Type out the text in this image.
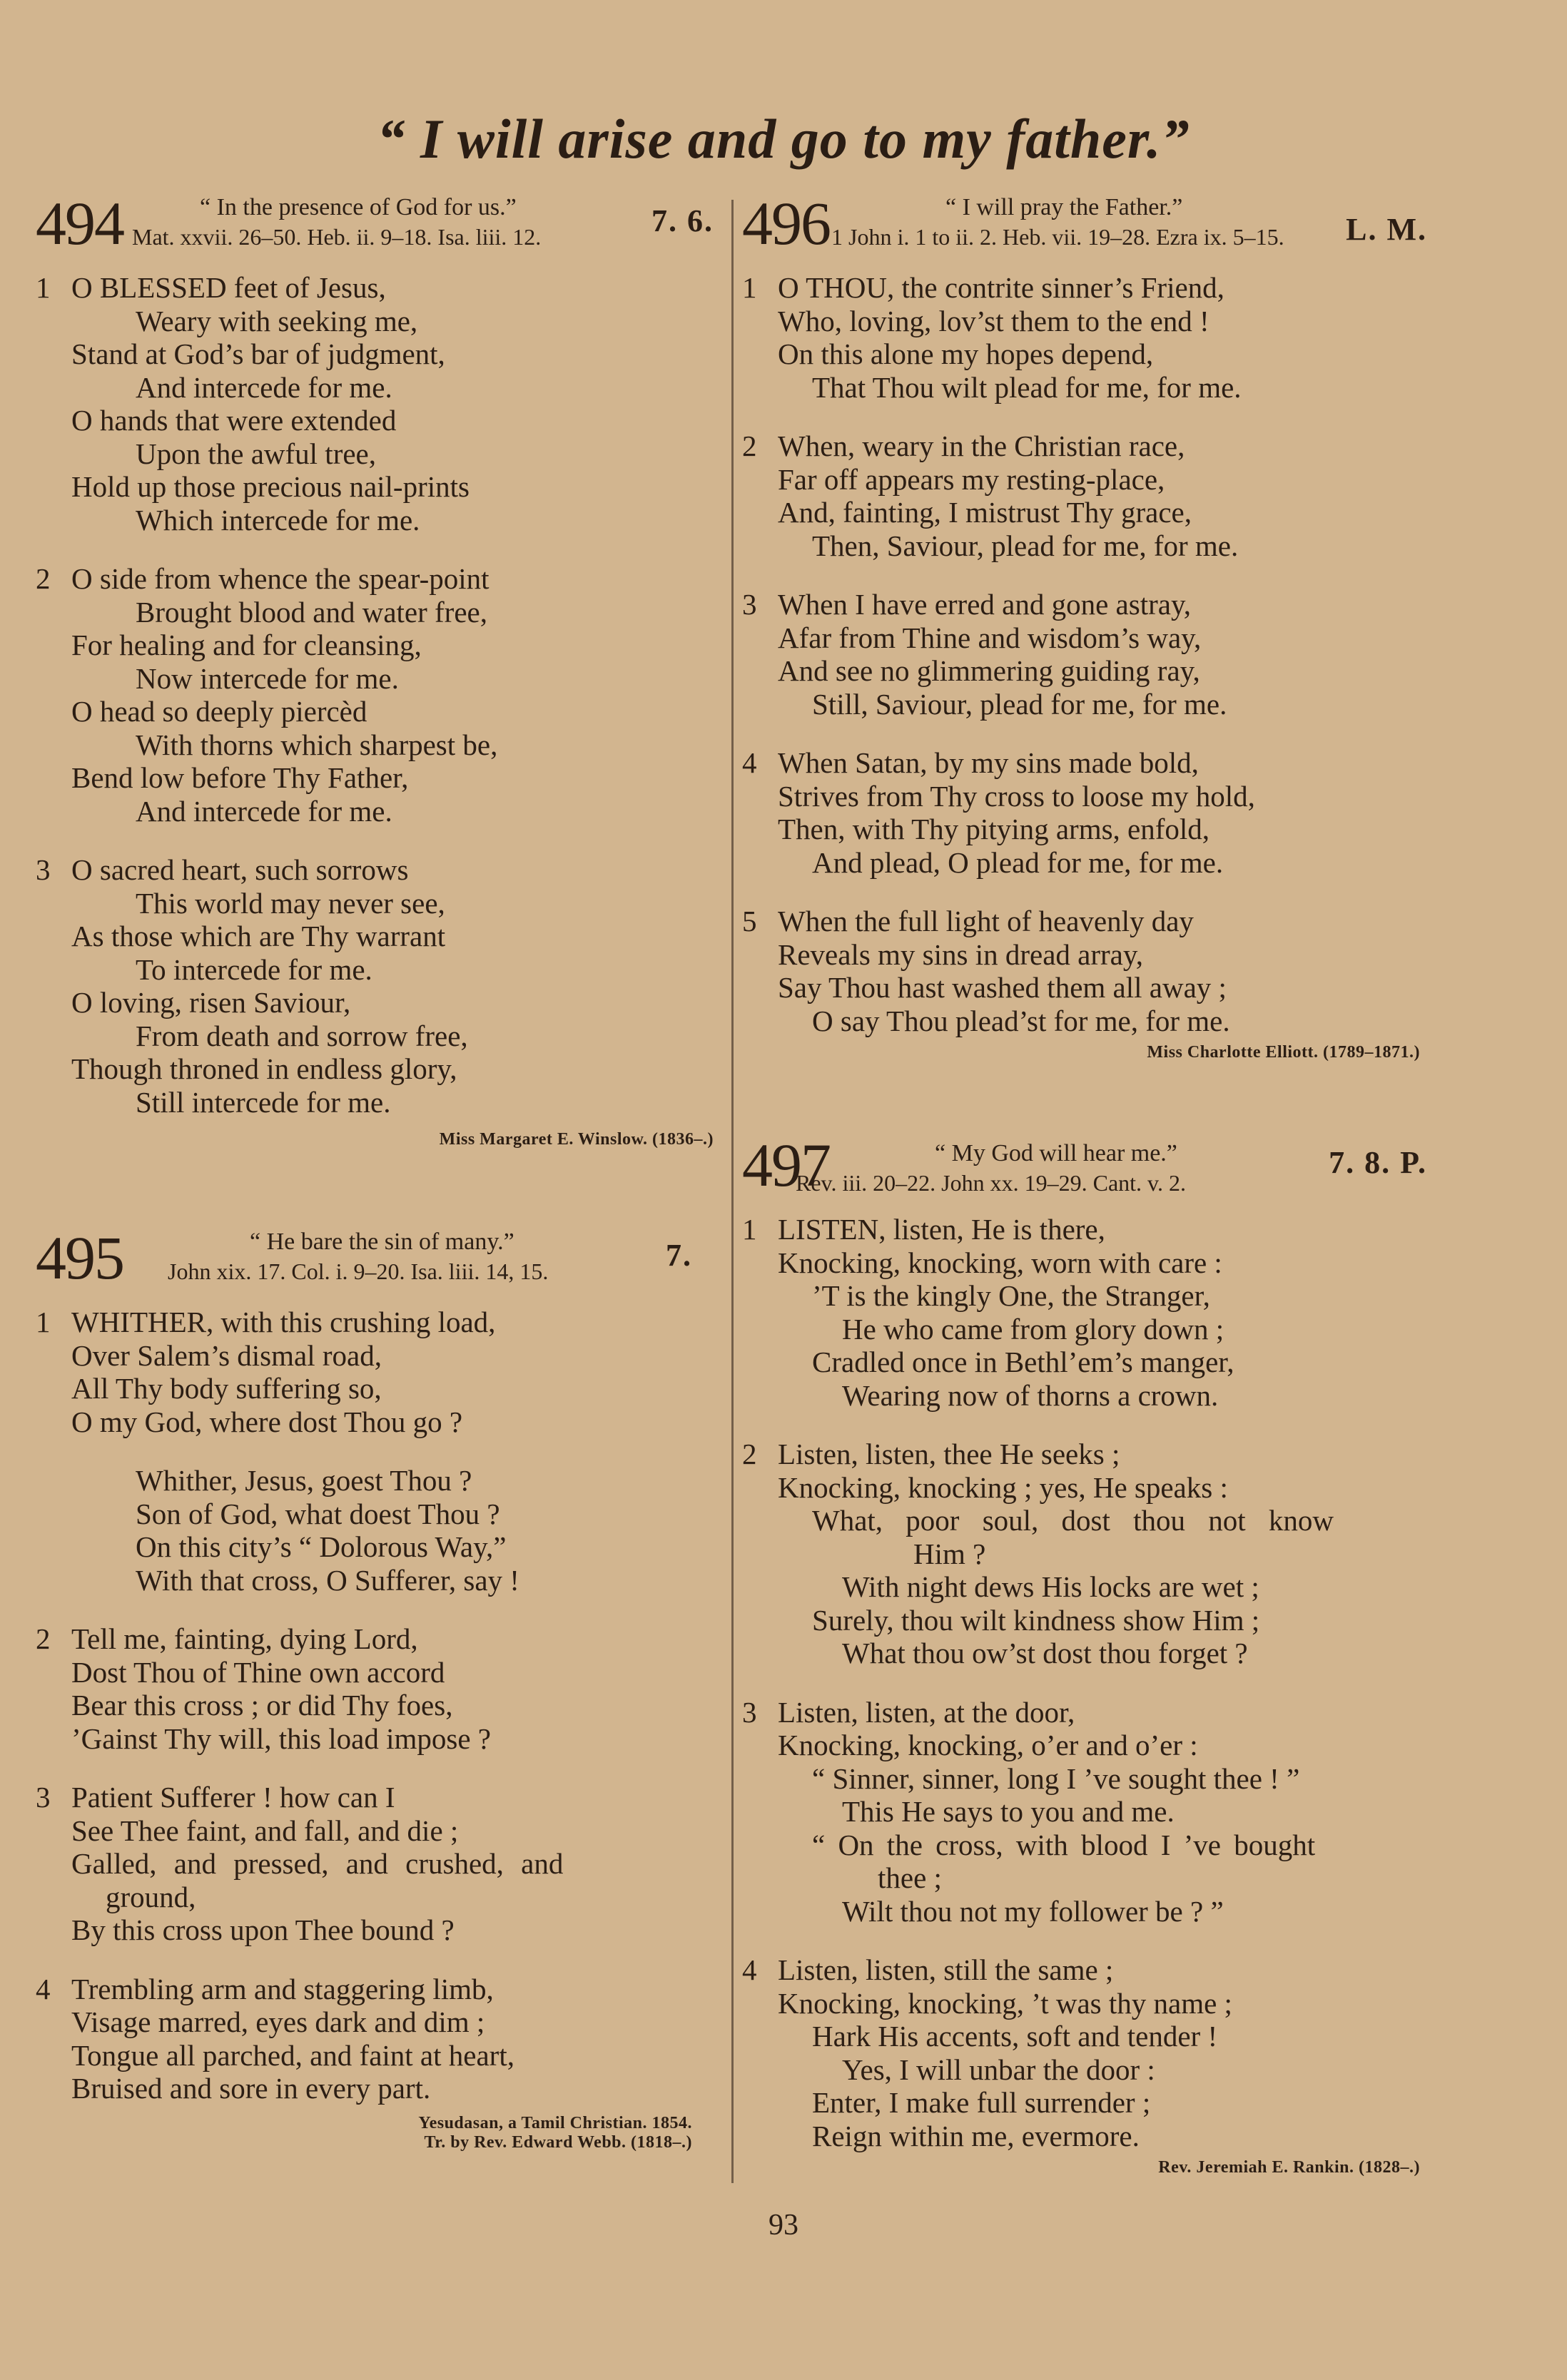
“ I will arise and go to my father.”
494	“ In the presence of God for us.”
Mat. xxvii. 26–50. Heb. ii. 9–18. Isa. liii. 12.	7. 6.
1 O BLESSED feet of Jesus,
Weary with seeking me,
Stand at God’s bar of judgment,
And intercede for me.
O hands that were extended
Upon the awful tree,
Hold up those precious nail-prints
Which intercede for me.
2 O side from whence the spear-point
Brought blood and water free,
For healing and for cleansing,
Now intercede for me.
O head so deeply piercèd
With thorns which sharpest be,
Bend low before Thy Father,
And intercede for me.
3 O sacred heart, such sorrows
This world may never see,
As those which are Thy warrant
To intercede for me.
O loving, risen Saviour,
From death and sorrow free,
Though throned in endless glory,
Still intercede for me.
Miss Margaret E. Winslow. (1836–.)
495	“ He bare the sin of many.”
John xix. 17. Col. i. 9–20. Isa. liii. 14, 15.	7.
1 WHITHER, with this crushing load,
Over Salem’s dismal road,
All Thy body suffering so,
O my God, where dost Thou go ?
Whither, Jesus, goest Thou ?
Son of God, what doest Thou ?
On this city’s “ Dolorous Way,”
With that cross, O Sufferer, say !
2 Tell me, fainting, dying Lord,
Dost Thou of Thine own accord
Bear this cross ; or did Thy foes,
’Gainst Thy will, this load impose ?
3 Patient Sufferer ! how can I
See Thee faint, and fall, and die ;
Galled, and pressed, and crushed, and
ground,
By this cross upon Thee bound ?
4 Trembling arm and staggering limb,
Visage marred, eyes dark and dim ;
Tongue all parched, and faint at heart,
Bruised and sore in every part.
Yesudasan, a Tamil Christian. 1854.
Tr. by Rev. Edward Webb. (1818–.)
496	“ I will pray the Father.”
1 John i. 1 to ii. 2. Heb. vii. 19–28. Ezra ix. 5–15. L. M.
1 O THOU, the contrite sinner’s Friend,
Who, loving, lov’st them to the end !
On this alone my hopes depend,
That Thou wilt plead for me, for me.
2 When, weary in the Christian race,
Far off appears my resting-place,
And, fainting, I mistrust Thy grace,
Then, Saviour, plead for me, for me.
3 When I have erred and gone astray,
Afar from Thine and wisdom’s way,
And see no glimmering guiding ray,
Still, Saviour, plead for me, for me.
4 When Satan, by my sins made bold,
Strives from Thy cross to loose my hold,
Then, with Thy pitying arms, enfold,
And plead, O plead for me, for me.
5 When the full light of heavenly day
Reveals my sins in dread array,
Say Thou hast washed them all away ;
O say Thou plead’st for me, for me.
Miss Charlotte Elliott. (1789–1871.)
497	“ My God will hear me.”
Rev. iii. 20–22. John xx. 19–29. Cant. v. 2.
7. 8. P.
1 LISTEN, listen, He is there,
Knocking, knocking, worn with care :
’T is the kingly One, the Stranger,
He who came from glory down ;
Cradled once in Bethl’em’s manger,
Wearing now of thorns a crown.
2 Listen, listen, thee He seeks ;
Knocking, knocking ; yes, He speaks :
What, poor soul, dost thou not know
Him ?
With night dews His locks are wet ;
Surely, thou wilt kindness show Him ;
What thou ow’st dost thou forget ?
3 Listen, listen, at the door,
Knocking, knocking, o’er and o’er :
“ Sinner, sinner, long I ’ve sought thee ! ”
This He says to you and me.
“ On the cross, with blood I ’ve bought
thee ;
Wilt thou not my follower be ? ”
4 Listen, listen, still the same ;
Knocking, knocking, ’t was thy name ;
Hark His accents, soft and tender !
Yes, I will unbar the door :
Enter, I make full surrender ;
Reign within me, evermore.
Rev. Jeremiah E. Rankin. (1828–.)
93
